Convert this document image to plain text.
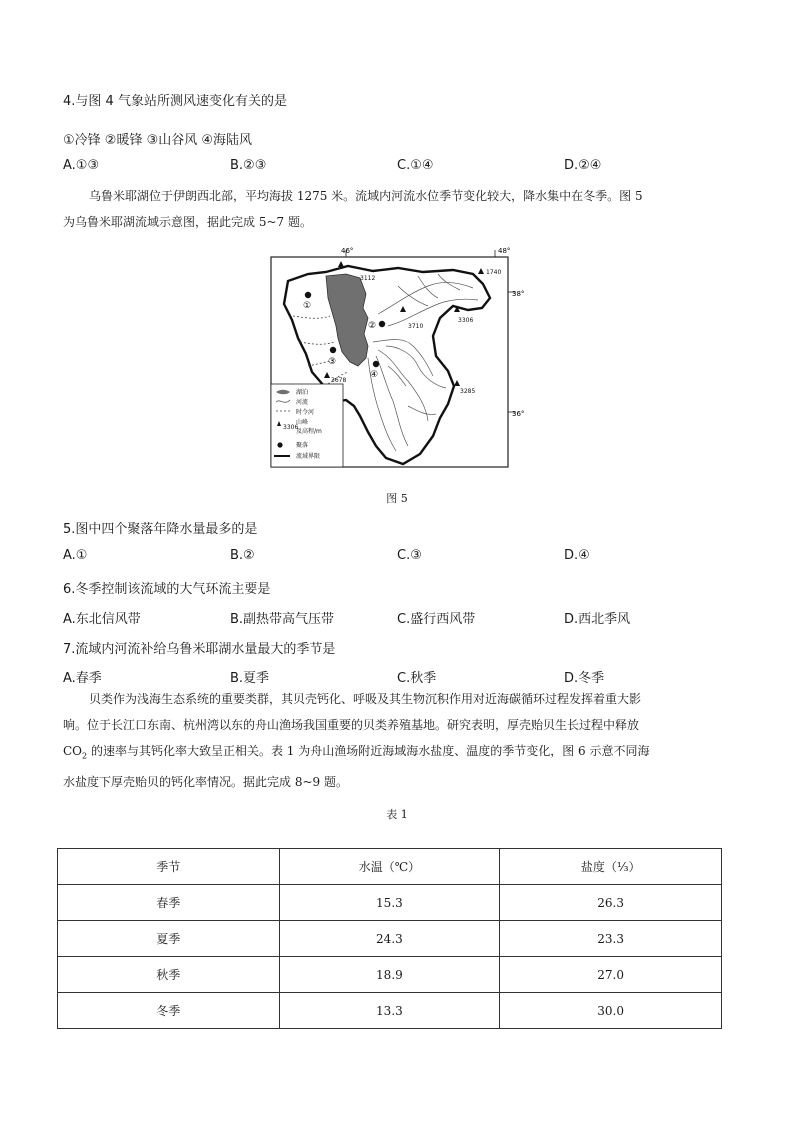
4.与图 4 气象站所测风速变化有关的是
①冷锋 ②暖锋 ③山谷风 ④海陆风
A.①③	B.②③	C.①④	D.②④
乌鲁米耶湖位于伊朗西北部，平均海拔 1275 米。流域内河流水位季节变化较大，降水集中在冬季。图 5
为乌鲁米耶湖流域示意图，据此完成 5~7 题。
46°	48°
38°
36°
3112
1740
3306
3710
3678
3285
①
②
③
④
湖泊
河流
时令河
山峰
3306
及高程/m
聚落
流域界限
图 5
5.图中四个聚落年降水量最多的是
A.①	B.②	C.③	D.④
6.冬季控制该流域的大气环流主要是
A.东北信风带	B.副热带高气压带	C.盛行西风带	D.西北季风
7.流域内河流补给乌鲁米耶湖水量最大的季节是
A.春季	B.夏季	C.秋季	D.冬季
贝类作为浅海生态系统的重要类群，其贝壳钙化、呼吸及其生物沉积作用对近海碳循环过程发挥着重大影
响。位于长江口东南、杭州湾以东的舟山渔场我国重要的贝类养殖基地。研究表明，厚壳贻贝生长过程中释放
$CO_2$ 的速率与其钙化率大致呈正相关。表 1 为舟山渔场附近海域海水盐度、温度的季节变化，图 6 示意不同海
水盐度下厚壳贻贝的钙化率情况。据此完成 8~9 题。
表 1
季节	水温（℃）	盐度（⅓）
春季	15.3	26.3
夏季	24.3	23.3
秋季	18.9	27.0
冬季	13.3	30.0
